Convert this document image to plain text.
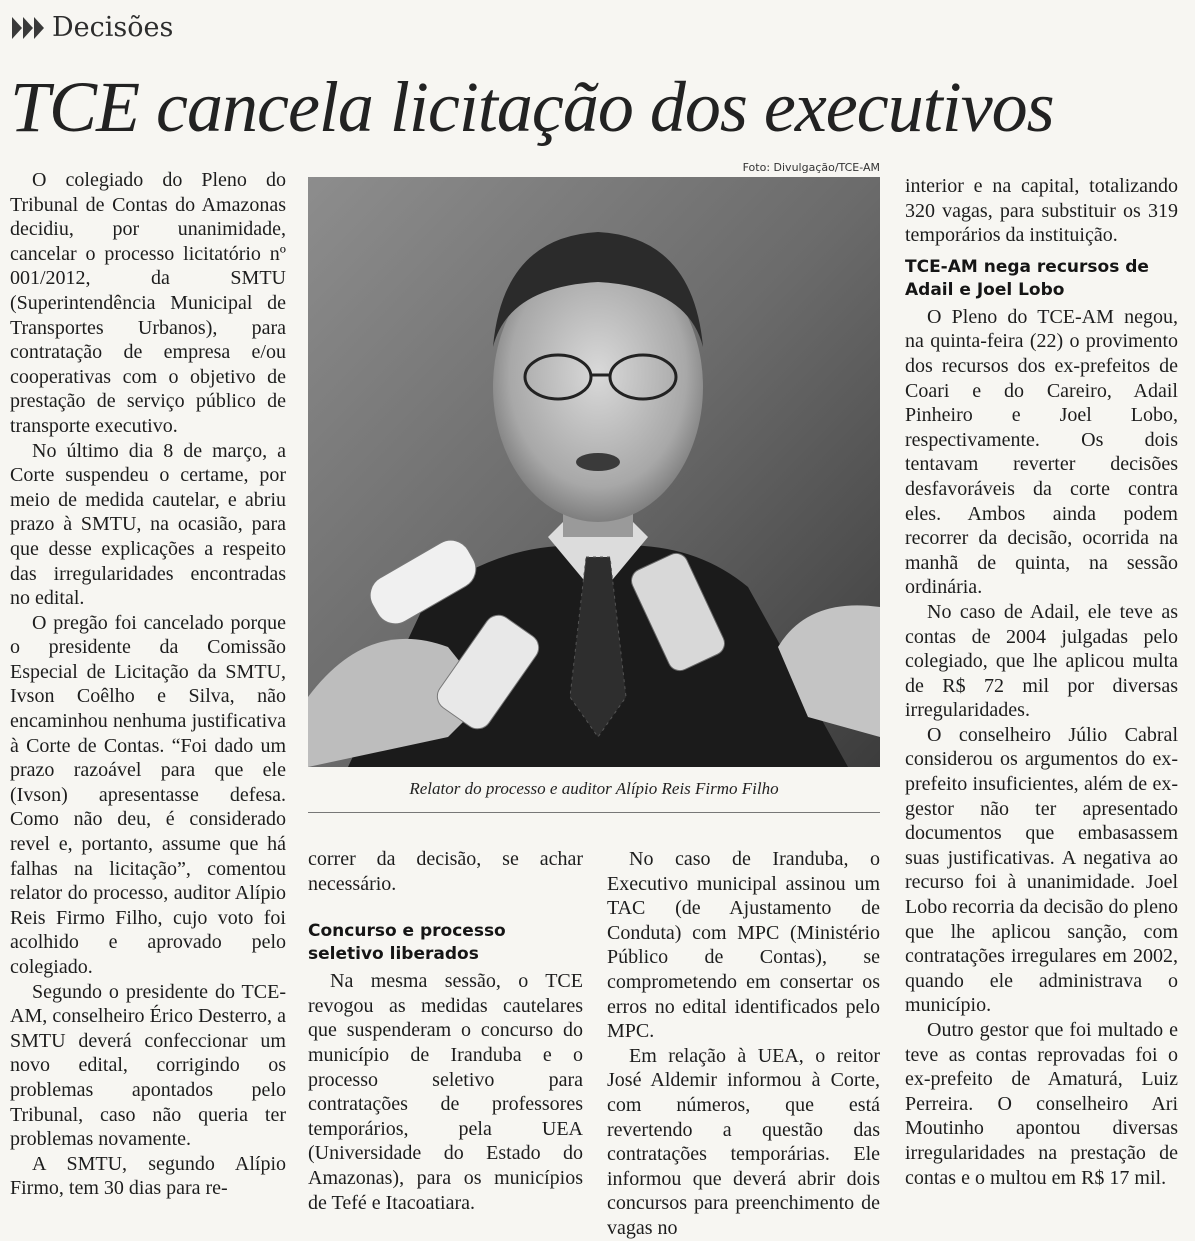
Decisões
TCE cancela licitação dos executivos

O colegiado do Pleno do Tribunal de Contas do Amazonas decidiu, por unanimidade, cancelar o processo licitatório nº 001/2012, da SMTU (Superintendência Municipal de Transportes Urbanos), para contratação de empresa e/ou cooperativas com o objetivo de prestação de serviço público de transporte executivo.

No último dia 8 de março, a Corte suspendeu o certame, por meio de medida cautelar, e abriu prazo à SMTU, na ocasião, para que desse explicações a respeito das irregularidades encontradas no edital.

O pregão foi cancelado porque o presidente da Comissão Especial de Licitação da SMTU, Ivson Coêlho e Silva, não encaminhou nenhuma justificativa à Corte de Contas. “Foi dado um prazo razoável para que ele (Ivson) apresentasse defesa. Como não deu, é considerado revel e, portanto, assume que há falhas na licitação”, comentou relator do processo, auditor Alípio Reis Firmo Filho, cujo voto foi acolhido e aprovado pelo colegiado.

Segundo o presidente do TCE-AM, conselheiro Érico Desterro, a SMTU deverá confeccionar um novo edital, corrigindo os problemas apontados pelo Tribunal, caso não queria ter problemas novamente.

A SMTU, segundo Alípio Firmo, tem 30 dias para re-

Foto: Divulgação/TCE-AM
Relator do processo e auditor Alípio Reis Firmo Filho

correr da decisão, se achar necessário.

Concurso e processo seletivo liberados

Na mesma sessão, o TCE revogou as medidas cautelares que suspenderam o concurso do município de Iranduba e o processo seletivo para contratações de professores temporários, pela UEA (Universidade do Estado do Amazonas), para os municípios de Tefé e Itacoatiara.

No caso de Iranduba, o Executivo municipal assinou um TAC (de Ajustamento de Conduta) com MPC (Ministério Público de Contas), se comprometendo em consertar os erros no edital identificados pelo MPC.

Em relação à UEA, o reitor José Aldemir informou à Corte, com números, que está revertendo a questão das contratações temporárias. Ele informou que deverá abrir dois concursos para preenchimento de vagas no

interior e na capital, totalizando 320 vagas, para substituir os 319 temporários da instituição.

TCE-AM nega recursos de Adail e Joel Lobo

O Pleno do TCE-AM negou, na quinta-feira (22) o provimento dos recursos dos ex-prefeitos de Coari e do Careiro, Adail Pinheiro e Joel Lobo, respectivamente. Os dois tentavam reverter decisões desfavoráveis da corte contra eles. Ambos ainda podem recorrer da decisão, ocorrida na manhã de quinta, na sessão ordinária.

No caso de Adail, ele teve as contas de 2004 julgadas pelo colegiado, que lhe aplicou multa de R$ 72 mil por diversas irregularidades.

O conselheiro Júlio Cabral considerou os argumentos do ex-prefeito insuficientes, além de ex-gestor não ter apresentado documentos que embasassem suas justificativas. A negativa ao recurso foi à unanimidade. Joel Lobo recorria da decisão do pleno que lhe aplicou sanção, com contratações irregulares em 2002, quando ele administrava o município.

Outro gestor que foi multado e teve as contas reprovadas foi o ex-prefeito de Amaturá, Luiz Perreira. O conselheiro Ari Moutinho apontou diversas irregularidades na prestação de contas e o multou em R$ 17 mil.
